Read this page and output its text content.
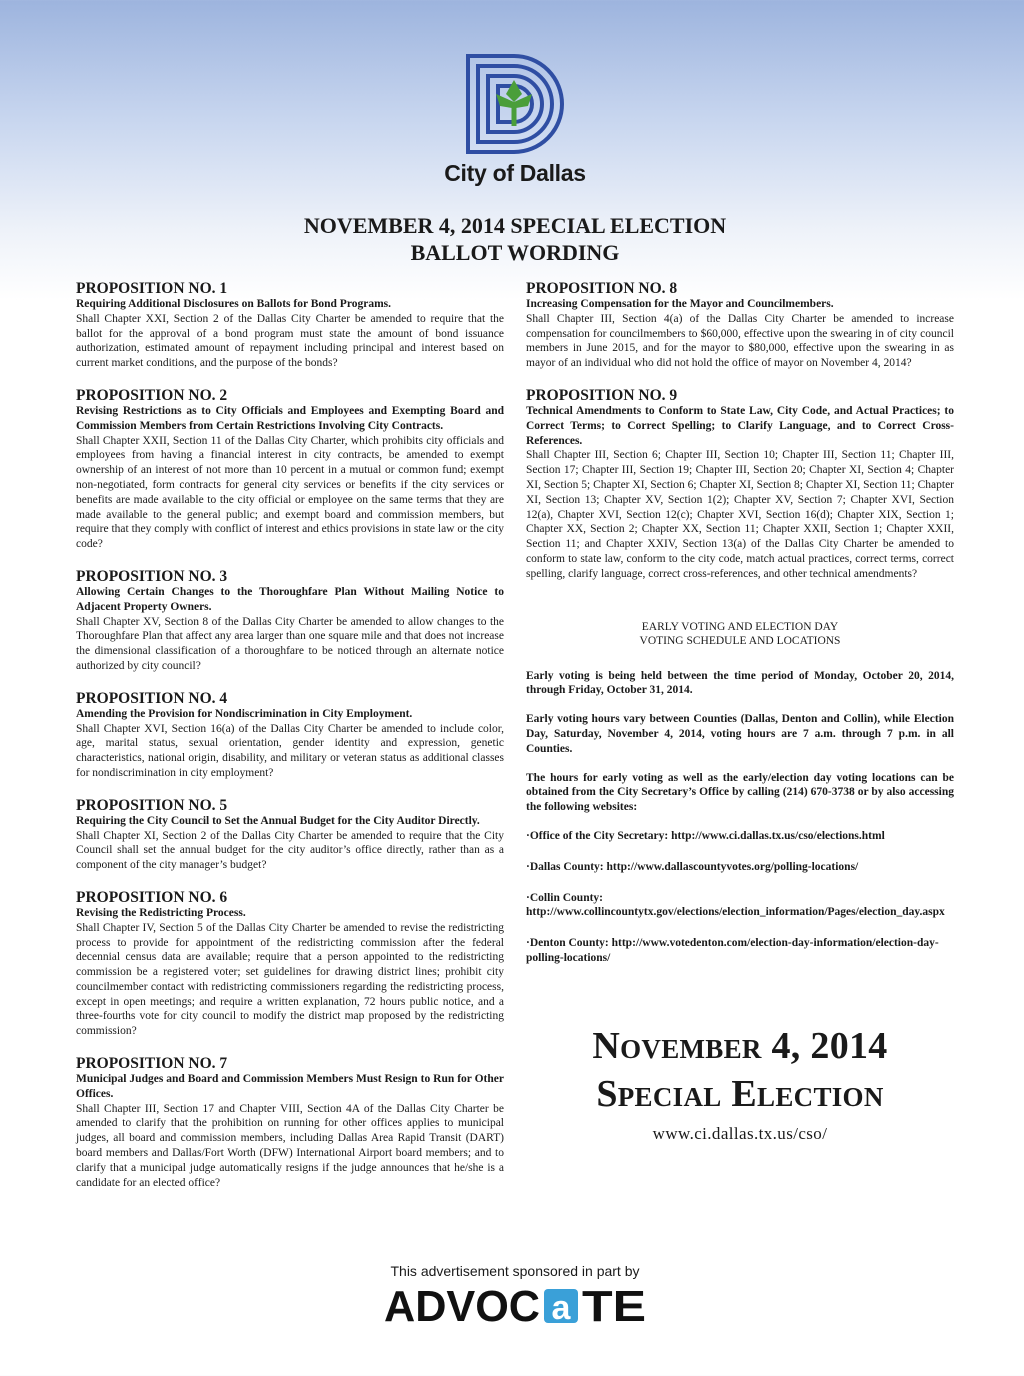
City of Dallas
NOVEMBER 4, 2014 SPECIAL ELECTION
BALLOT WORDING

PROPOSITION NO. 1

Requiring Additional Disclosures on Ballots for Bond Programs.

Shall Chapter XXI, Section 2 of the Dallas City Charter be amended to require that the ballot for the approval of a bond program must state the amount of bond issuance authorization, estimated amount of repayment including principal and interest based on current market conditions, and the purpose of the bonds?

PROPOSITION NO. 2

Revising Restrictions as to City Officials and Employees and Exempting Board and Commission Members from Certain Restrictions Involving City Contracts.

Shall Chapter XXII, Section 11 of the Dallas City Charter, which prohibits city officials and employees from having a financial interest in city contracts, be amended to exempt ownership of an interest of not more than 10 percent in a mutual or common fund; exempt non-negotiated, form contracts for general city services or benefits if the city services or benefits are made available to the city official or employee on the same terms that they are made available to the general public; and exempt board and commission members, but require that they comply with conflict of interest and ethics provisions in state law or the city code?

PROPOSITION NO. 3

Allowing Certain Changes to the Thoroughfare Plan Without Mailing Notice to Adjacent Property Owners.

Shall Chapter XV, Section 8 of the Dallas City Charter be amended to allow changes to the Thoroughfare Plan that affect any area larger than one square mile and that does not increase the dimensional classification of a thoroughfare to be noticed through an alternate notice authorized by city council?

PROPOSITION NO. 4

Amending the Provision for Nondiscrimination in City Employment.

Shall Chapter XVI, Section 16(a) of the Dallas City Charter be amended to include color, age, marital status, sexual orientation, gender identity and expression, genetic characteristics, national origin, disability, and military or veteran status as additional classes for nondiscrimination in city employment?

PROPOSITION NO. 5

Requiring the City Council to Set the Annual Budget for the City Auditor Directly.

Shall Chapter XI, Section 2 of the Dallas City Charter be amended to require that the City Council shall set the annual budget for the city auditor’s office directly, rather than as a component of the city manager’s budget?

PROPOSITION NO. 6

Revising the Redistricting Process.

Shall Chapter IV, Section 5 of the Dallas City Charter be amended to revise the redistricting process to provide for appointment of the redistricting commission after the federal decennial census data are available; require that a person appointed to the redistricting commission be a registered voter; set guidelines for drawing district lines; prohibit city councilmember contact with redistricting commissioners regarding the redistricting process, except in open meetings; and require a written explanation, 72 hours public notice, and a three-fourths vote for city council to modify the district map proposed by the redistricting commission?

PROPOSITION NO. 7

Municipal Judges and Board and Commission Members Must Resign to Run for Other Offices.

Shall Chapter III, Section 17 and Chapter VIII, Section 4A of the Dallas City Charter be amended to clarify that the prohibition on running for other offices applies to municipal judges, all board and commission members, including Dallas Area Rapid Transit (DART) board members and Dallas/Fort Worth (DFW) International Airport board members; and to clarify that a municipal judge automatically resigns if the judge announces that he/she is a candidate for an elected office?

PROPOSITION NO. 8

Increasing Compensation for the Mayor and Councilmembers.

Shall Chapter III, Section 4(a) of the Dallas City Charter be amended to increase compensation for councilmembers to $60,000, effective upon the swearing in of city council members in June 2015, and for the mayor to $80,000, effective upon the swearing in as mayor of an individual who did not hold the office of mayor on November 4, 2014?

PROPOSITION NO. 9

Technical Amendments to Conform to State Law, City Code, and Actual Practices; to Correct Terms; to Correct Spelling; to Clarify Language, and to Correct Cross-References.

Shall Chapter III, Section 6; Chapter III, Section 10; Chapter III, Section 11; Chapter III, Section 17; Chapter III, Section 19; Chapter III, Section 20; Chapter XI, Section 4; Chapter XI, Section 5; Chapter XI, Section 6; Chapter XI, Section 8; Chapter XI, Section 11; Chapter XI, Section 13; Chapter XV, Section 1(2); Chapter XV, Section 7; Chapter XVI, Section 12(a), Chapter XVI, Section 12(c); Chapter XVI, Section 16(d); Chapter XIX, Section 1; Chapter XX, Section 2; Chapter XX, Section 11; Chapter XXII, Section 1; Chapter XXII, Section 11; and Chapter XXIV, Section 13(a) of the Dallas City Charter be amended to conform to state law, conform to the city code, match actual practices, correct terms, correct spelling, clarify language, correct cross-references, and other technical amendments?

EARLY VOTING AND ELECTION DAY
VOTING SCHEDULE AND LOCATIONS

Early voting is being held between the time period of Monday, October 20, 2014, through Friday, October 31, 2014.

Early voting hours vary between Counties (Dallas, Denton and Collin), while Election Day, Saturday, November 4, 2014, voting hours are 7 a.m. through 7 p.m. in all Counties.

The hours for early voting as well as the early/election day voting locations can be obtained from the City Secretary’s Office by calling (214) 670-3738 or by also accessing the following websites:

·Office of the City Secretary: http://www.ci.dallas.tx.us/cso/elections.html

·Dallas County: http://www.dallascountyvotes.org/polling-locations/

·Collin County: http://www.collincountytx.gov/elections/election_information/Pages/election_day.aspx

·Denton County: http://www.votedenton.com/election-day-information/election-day-polling-locations/

November 4, 2014

Special Election

www.ci.dallas.tx.us/cso/
This advertisement sponsored in part by
ADVOC a TE
